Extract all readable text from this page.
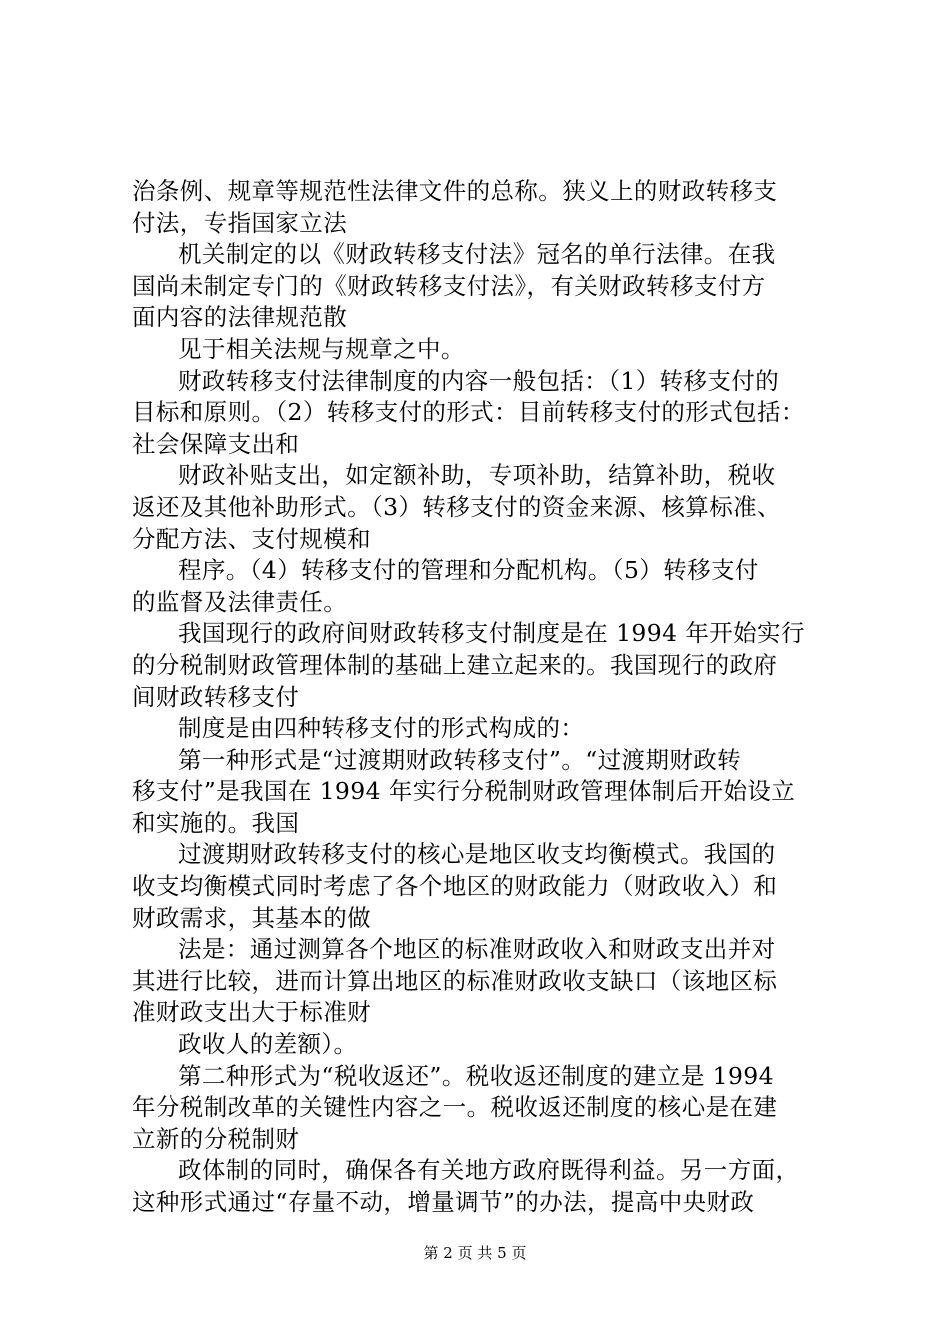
治条例、规章等规范性法律文件的总称。狭义上的财政转移支
付法，专指国家立法
机关制定的以《财政转移支付法》冠名的单行法律。在我
国尚未制定专门的《财政转移支付法》，有关财政转移支付方
面内容的法律规范散
见于相关法规与规章之中。
财政转移支付法律制度的内容一般包括：（1）转移支付的
目标和原则。（2）转移支付的形式：目前转移支付的形式包括：
社会保障支出和
财政补贴支出，如定额补助，专项补助，结算补助，税收
返还及其他补助形式。（3）转移支付的资金来源、核算标准、
分配方法、支付规模和
程序。（4）转移支付的管理和分配机构。（5）转移支付
的监督及法律责任。
我国现行的政府间财政转移支付制度是在 1994 年开始实行
的分税制财政管理体制的基础上建立起来的。我国现行的政府
间财政转移支付
制度是由四种转移支付的形式构成的：
第一种形式是“过渡期财政转移支付”。“过渡期财政转
移支付”是我国在 1994 年实行分税制财政管理体制后开始设立
和实施的。我国
过渡期财政转移支付的核心是地区收支均衡模式。我国的
收支均衡模式同时考虑了各个地区的财政能力（财政收入）和
财政需求，其基本的做
法是：通过测算各个地区的标准财政收入和财政支出并对
其进行比较，进而计算出地区的标准财政收支缺口（该地区标
准财政支出大于标准财
政收人的差额）。
第二种形式为“税收返还”。税收返还制度的建立是 1994
年分税制改革的关键性内容之一。税收返还制度的核心是在建
立新的分税制财
政体制的同时，确保各有关地方政府既得利益。另一方面，
这种形式通过“存量不动，增量调节”的办法，提高中央财政
第 2 页 共 5 页
